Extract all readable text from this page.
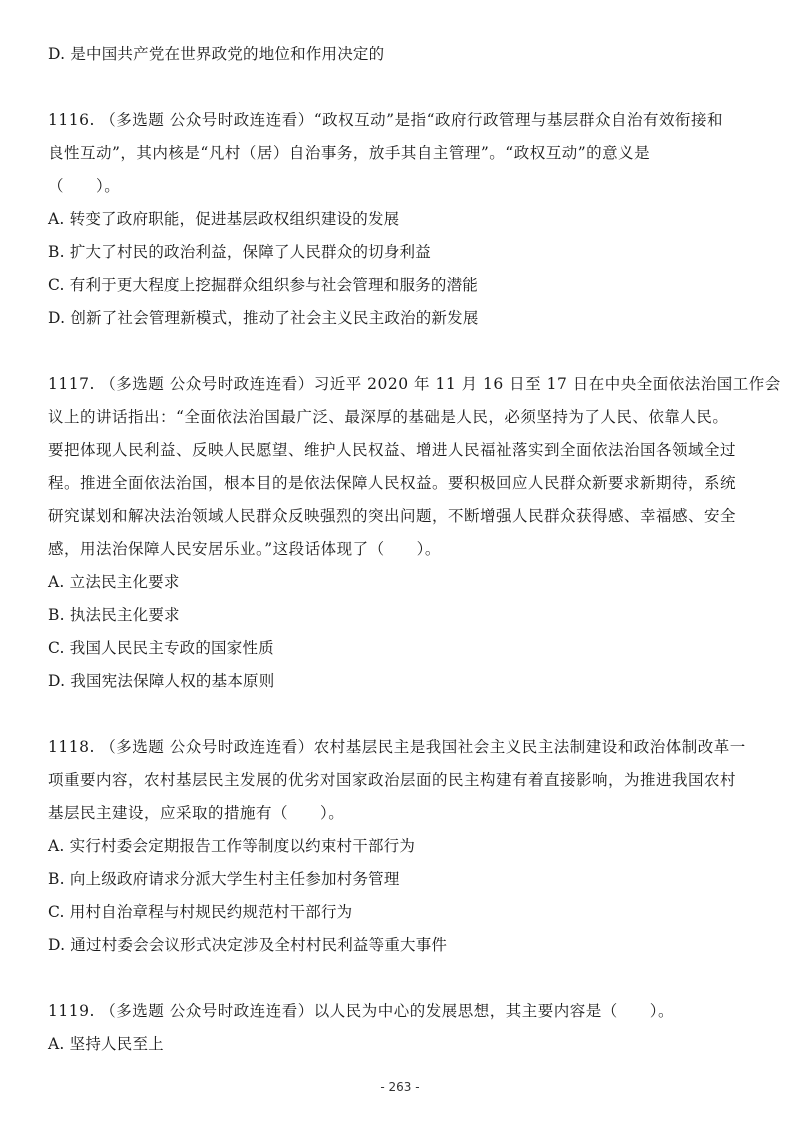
D. 是中国共产党在世界政党的地位和作用决定的
1116. （多选题 公众号时政连连看）“政权互动”是指“政府行政管理与基层群众自治有效衔接和
良性互动”，其内核是“凡村（居）自治事务，放手其自主管理”。“政权互动”的意义是
（　　）。
A. 转变了政府职能，促进基层政权组织建设的发展
B. 扩大了村民的政治利益，保障了人民群众的切身利益
C. 有利于更大程度上挖掘群众组织参与社会管理和服务的潜能
D. 创新了社会管理新模式，推动了社会主义民主政治的新发展
1117. （多选题 公众号时政连连看）习近平 2020 年 11 月 16 日至 17 日在中央全面依法治国工作会
议上的讲话指出：“全面依法治国最广泛、最深厚的基础是人民，必须坚持为了人民、依靠人民。
要把体现人民利益、反映人民愿望、维护人民权益、增进人民福祉落实到全面依法治国各领域全过
程。推进全面依法治国，根本目的是依法保障人民权益。要积极回应人民群众新要求新期待，系统
研究谋划和解决法治领域人民群众反映强烈的突出问题，不断增强人民群众获得感、幸福感、安全
感，用法治保障人民安居乐业。”这段话体现了（　　）。
A. 立法民主化要求
B. 执法民主化要求
C. 我国人民民主专政的国家性质
D. 我国宪法保障人权的基本原则
1118. （多选题 公众号时政连连看）农村基层民主是我国社会主义民主法制建设和政治体制改革一
项重要内容，农村基层民主发展的优劣对国家政治层面的民主构建有着直接影响，为推进我国农村
基层民主建设，应采取的措施有（　　）。
A. 实行村委会定期报告工作等制度以约束村干部行为
B. 向上级政府请求分派大学生村主任参加村务管理
C. 用村自治章程与村规民约规范村干部行为
D. 通过村委会会议形式决定涉及全村村民利益等重大事件
1119. （多选题 公众号时政连连看）以人民为中心的发展思想，其主要内容是（　　）。
A. 坚持人民至上
- 263 -
